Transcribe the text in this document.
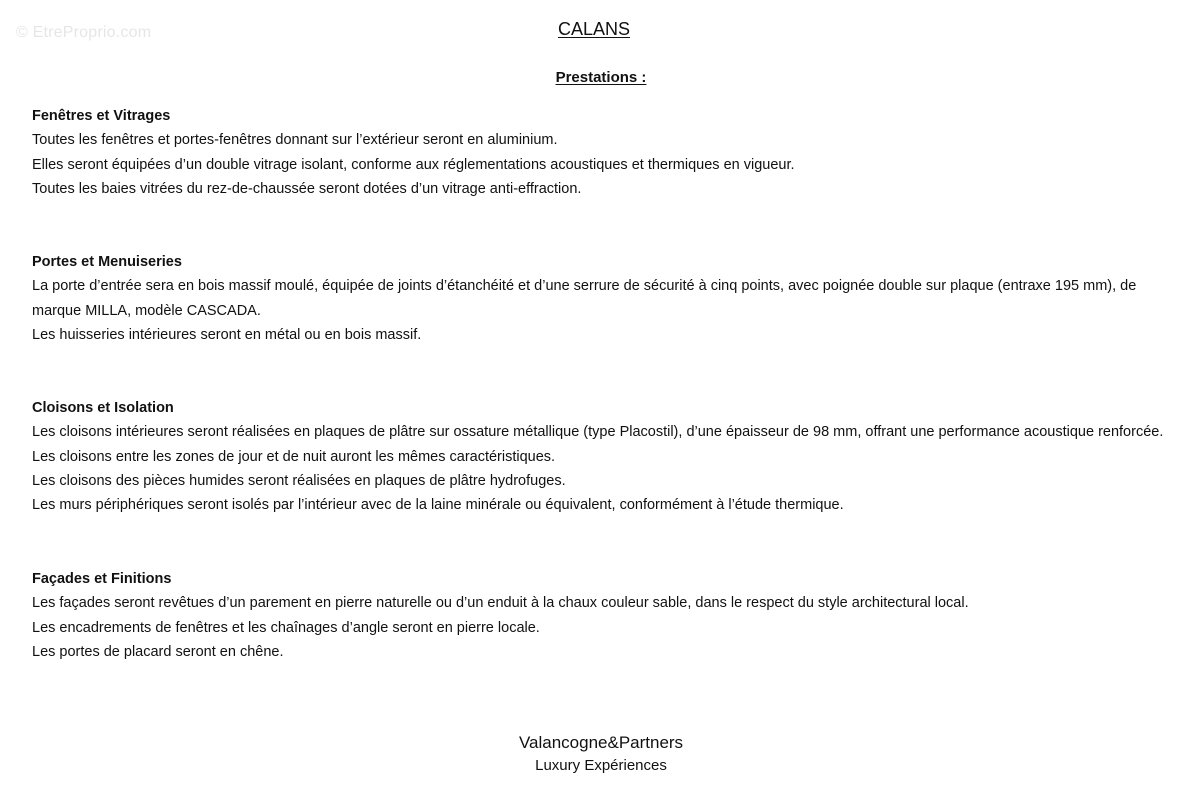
© EtreProprio.com	CALANS

Prestations :

Fenêtres et Vitrages

Toutes les fenêtres et portes-fenêtres donnant sur l’extérieur seront en aluminium.

Elles seront équipées d’un double vitrage isolant, conforme aux réglementations acoustiques et thermiques en vigueur.

Toutes les baies vitrées du rez-de-chaussée seront dotées d’un vitrage anti-effraction.

Portes et Menuiseries

La porte d’entrée sera en bois massif moulé, équipée de joints d’étanchéité et d’une serrure de sécurité à cinq points, avec poignée double sur plaque (entraxe 195 mm), de marque MILLA, modèle CASCADA.

Les huisseries intérieures seront en métal ou en bois massif.

Cloisons et Isolation

Les cloisons intérieures seront réalisées en plaques de plâtre sur ossature métallique (type Placostil), d’une épaisseur de 98 mm, offrant une performance acoustique renforcée. Les cloisons entre les zones de jour et de nuit auront les mêmes caractéristiques.

Les cloisons des pièces humides seront réalisées en plaques de plâtre hydrofuges.

Les murs périphériques seront isolés par l’intérieur avec de la laine minérale ou équivalent, conformément à l’étude thermique.

Façades et Finitions

Les façades seront revêtues d’un parement en pierre naturelle ou d’un enduit à la chaux couleur sable, dans le respect du style architectural local.

Les encadrements de fenêtres et les chaînages d’angle seront en pierre locale.

Les portes de placard seront en chêne.

Valancogne&Partners

Luxury Expériences
